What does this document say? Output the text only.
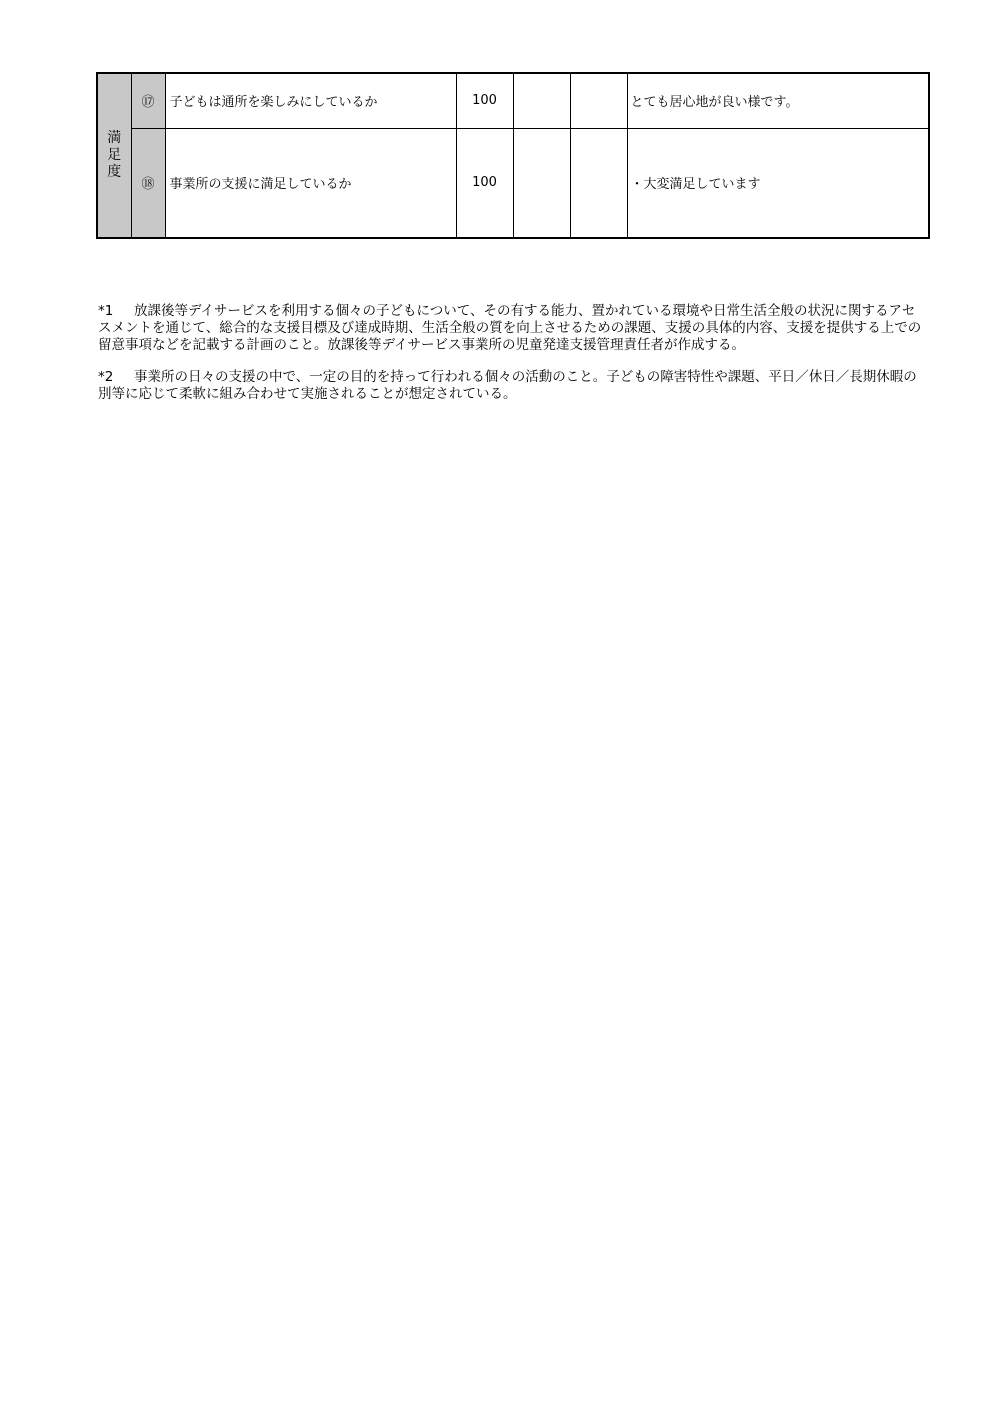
満足度	⑰	子どもは通所を楽しみにしているか	100			とても居心地が良い様です。
	⑱	事業所の支援に満足しているか	100			・大変満足しています

*1 放課後等デイサービスを利用する個々の子どもについて、その有する能力、置かれている環境や日常生活全般の状況に関するアセスメントを通じて、総合的な支援目標及び達成時期、生活全般の質を向上させるための課題、支援の具体的内容、支援を提供する上での留意事項などを記載する計画のこと。放課後等デイサービス事業所の児童発達支援管理責任者が作成する。

*2 事業所の日々の支援の中で、一定の目的を持って行われる個々の活動のこと。子どもの障害特性や課題、平日／休日／長期休暇の別等に応じて柔軟に組み合わせて実施されることが想定されている。
